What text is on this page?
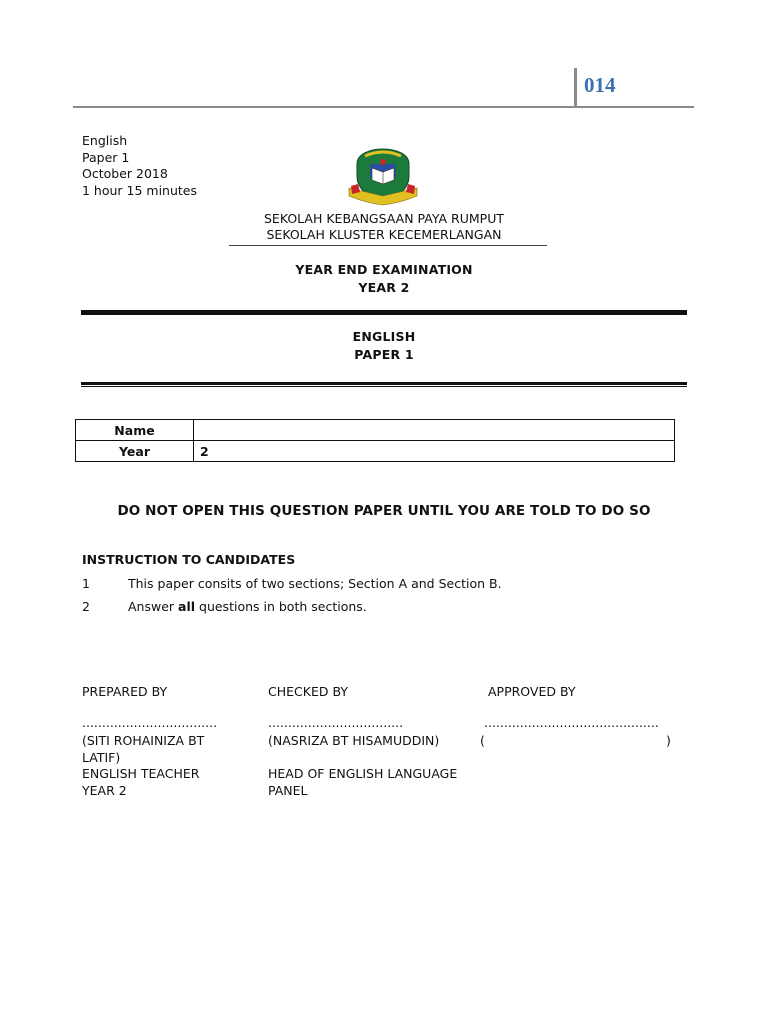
014
English
Paper 1
October 2018
1 hour 15 minutes
SEKOLAH KEBANGSAAN PAYA RUMPUT
SEKOLAH KLUSTER KECEMERLANGAN
YEAR END EXAMINATION
YEAR 2
ENGLISH
PAPER 1
Name	
Year	2
DO NOT OPEN THIS QUESTION PAPER UNTIL YOU ARE TOLD TO DO SO
INSTRUCTION TO CANDIDATES
1	This paper consits of two sections; Section A and Section B.
2	Answer all questions in both sections.
PREPARED BY
..................................
(SITI ROHAINIZA BT
LATIF)
ENGLISH TEACHER
YEAR 2
CHECKED BY
..................................
(NASRIZA BT HISAMUDDIN)
HEAD OF ENGLISH LANGUAGE
PANEL
APPROVED BY
............................................
(	)
